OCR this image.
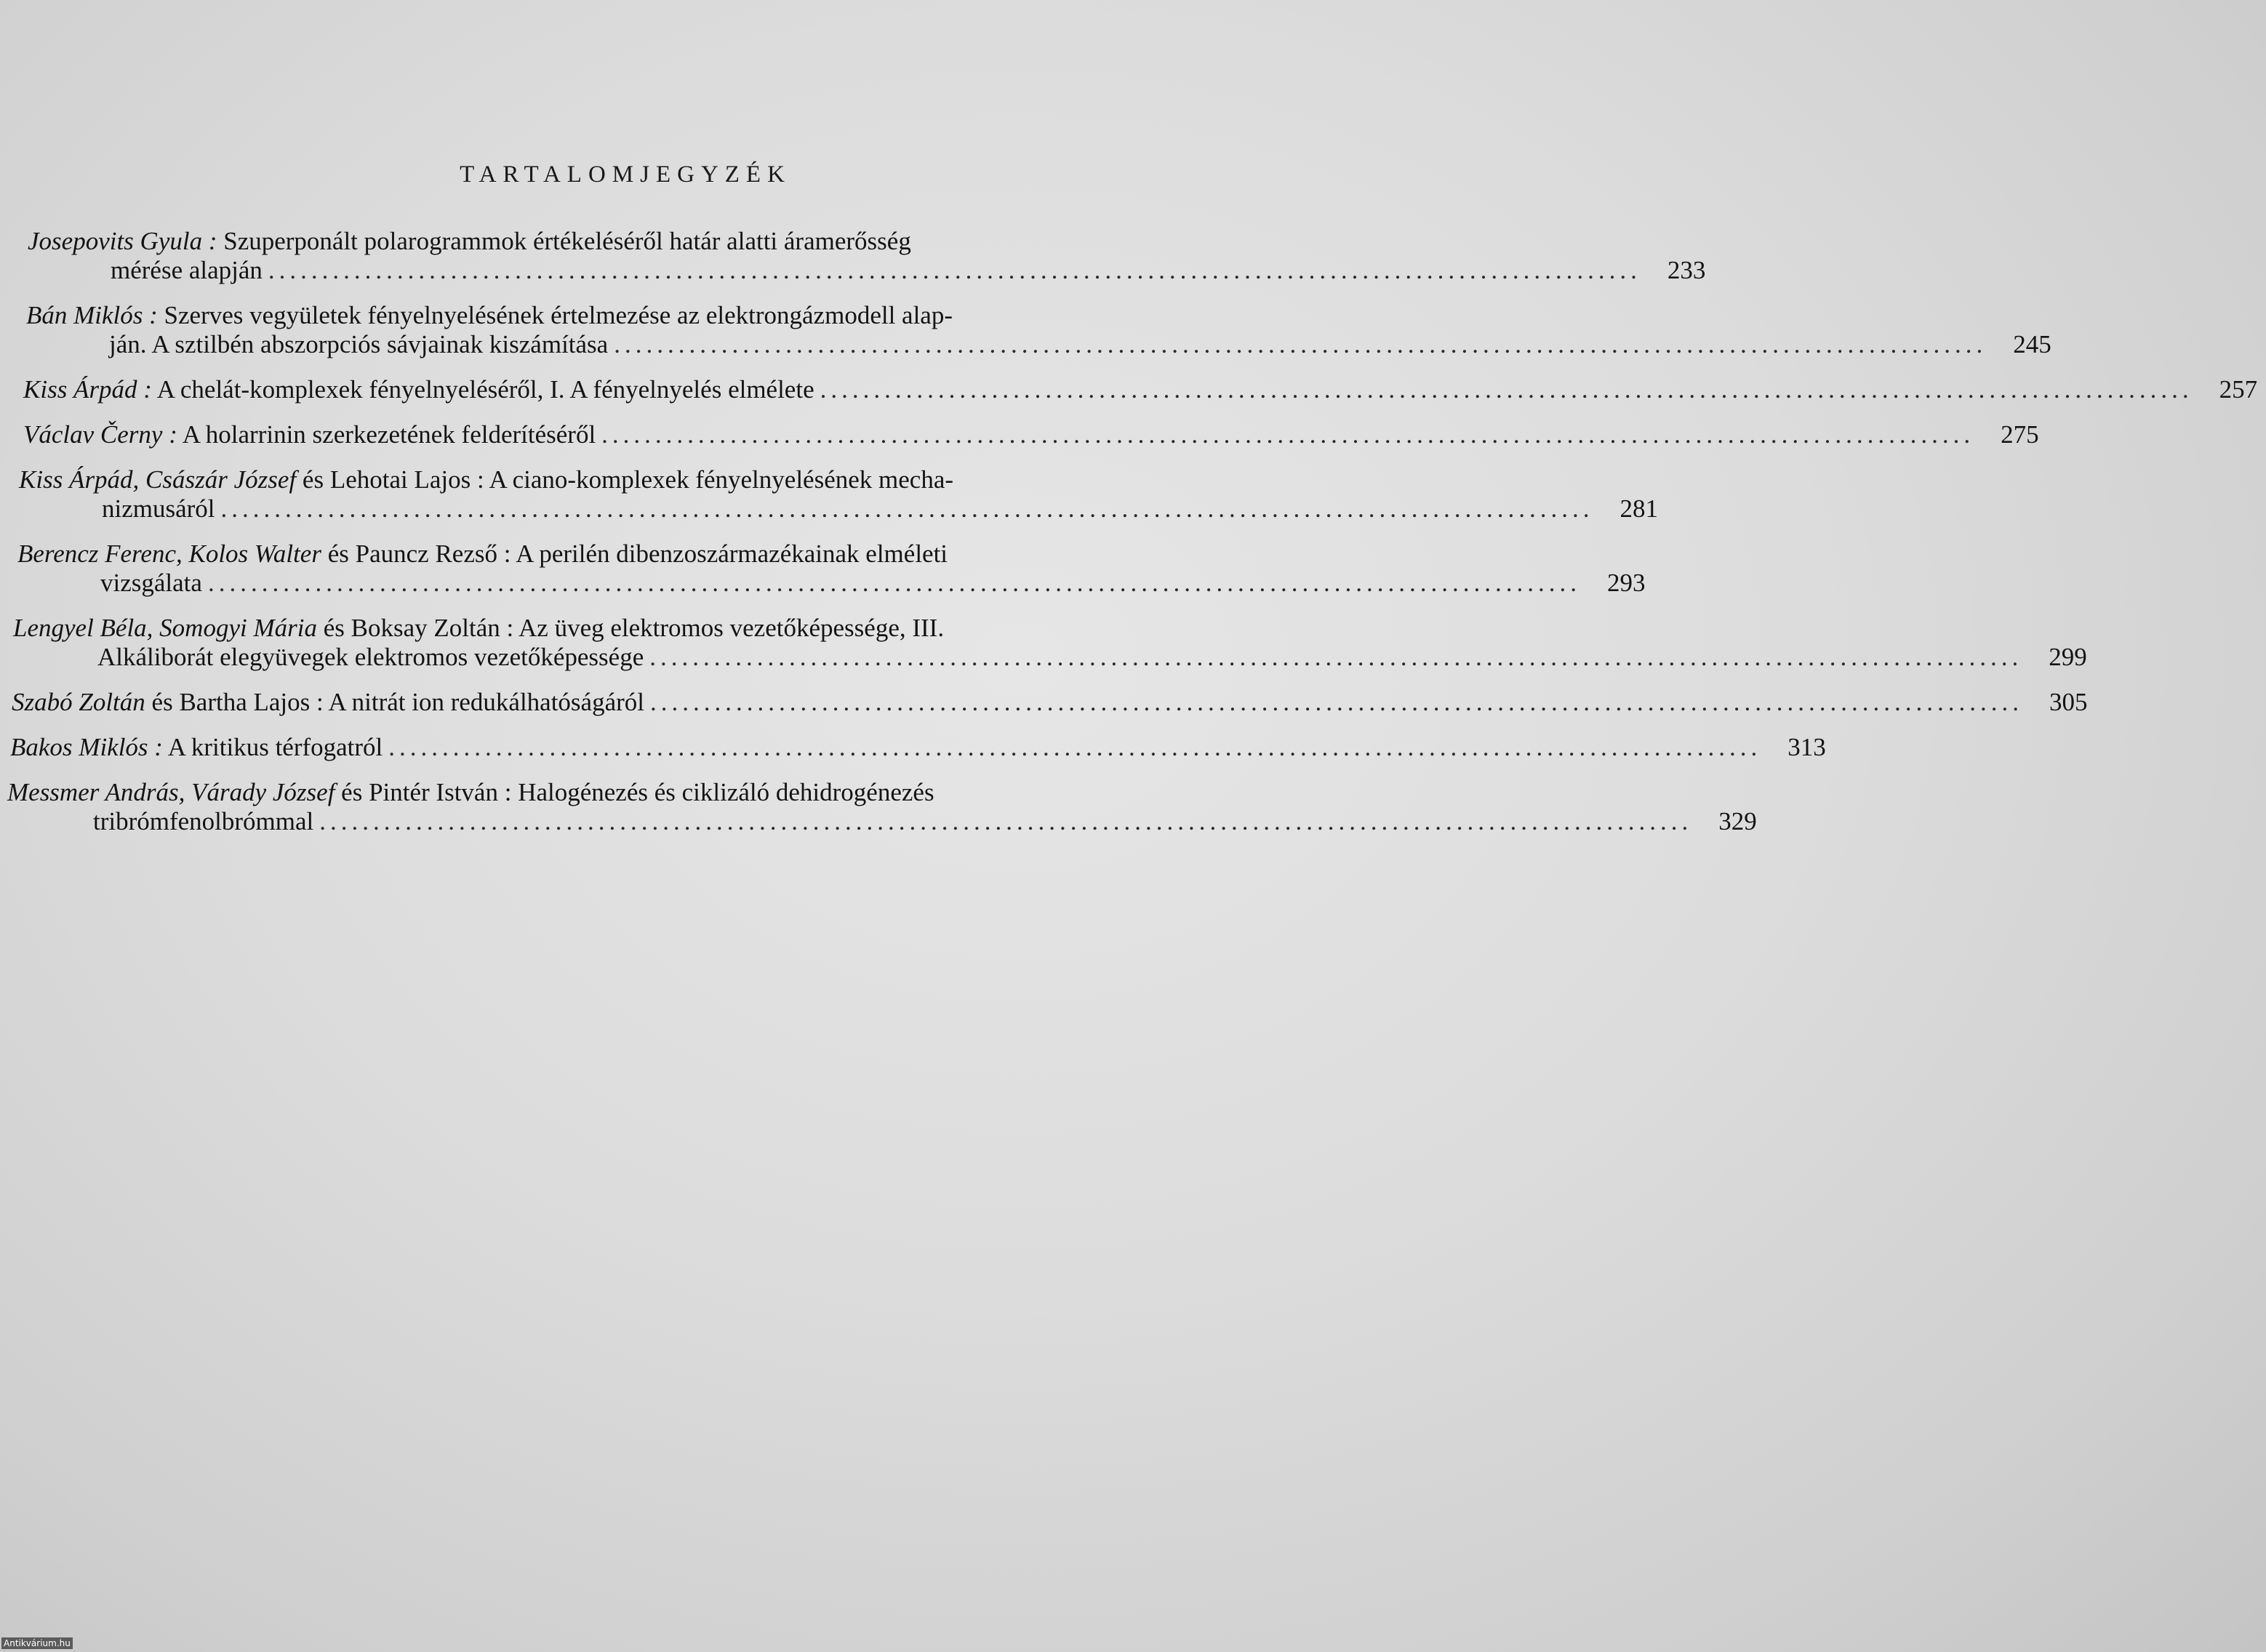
TARTALOMJEGYZÉK
Josepovits Gyula : Szuperponált polarogrammok értékeléséről határ alatti áramerősség
mérése alapján ................................................................................................................................ 233
Bán Miklós : Szerves vegyületek fényelnyelésének értelmezése az elektrongázmodell alap-
ján. A sztilbén abszorpciós sávjainak kiszámítása ................................................................................................................................ 245
Kiss Árpád : A chelát-komplexek fényelnyeléséről, I. A fényelnyelés elmélete ................................................................................................................................ 257
Václav Černy : A holarrinin szerkezetének felderítéséről ................................................................................................................................ 275
Kiss Árpád, Császár József és Lehotai Lajos : A ciano-komplexek fényelnyelésének mecha-
nizmusáról ................................................................................................................................ 281
Berencz Ferenc, Kolos Walter és Pauncz Rezső : A perilén dibenzoszármazékainak elméleti
vizsgálata ................................................................................................................................ 293
Lengyel Béla, Somogyi Mária és Boksay Zoltán : Az üveg elektromos vezetőképessége, III.
Alkáliborát elegyüvegek elektromos vezetőképessége ................................................................................................................................ 299
Szabó Zoltán és Bartha Lajos : A nitrát ion redukálhatóságáról ................................................................................................................................ 305
Bakos Miklós : A kritikus térfogatról ................................................................................................................................ 313
Messmer András, Várady József és Pintér István : Halogénezés és ciklizáló dehidrogénezés
tribrómfenolbrómmal ................................................................................................................................ 329
Antikvárium.hu
